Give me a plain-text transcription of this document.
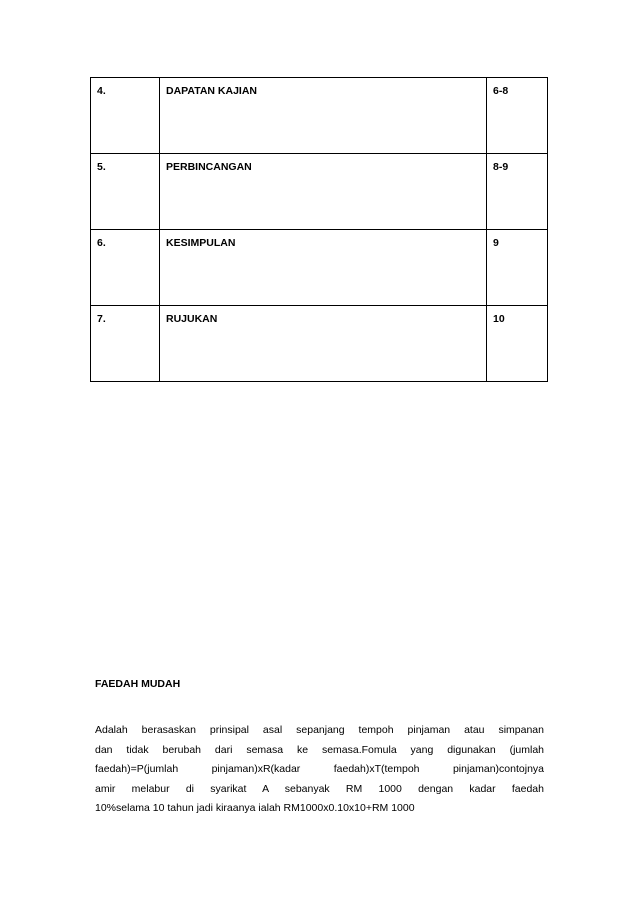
4.	DAPATAN KAJIAN	6-8
5.	PERBINCANGAN	8-9
6.	KESIMPULAN	9
7.	RUJUKAN	10
FAEDAH MUDAH

Adalah berasaskan prinsipal asal sepanjang tempoh pinjaman atau simpanan
dan tidak berubah dari semasa ke semasa.Fomula yang digunakan (jumlah
faedah)=P(jumlah pinjaman)xR(kadar faedah)xT(tempoh pinjaman)contojnya
amir melabur di syarikat A sebanyak RM 1000 dengan kadar faedah
10%selama 10 tahun jadi kiraanya ialah RM1000x0.10x10+RM 1000
